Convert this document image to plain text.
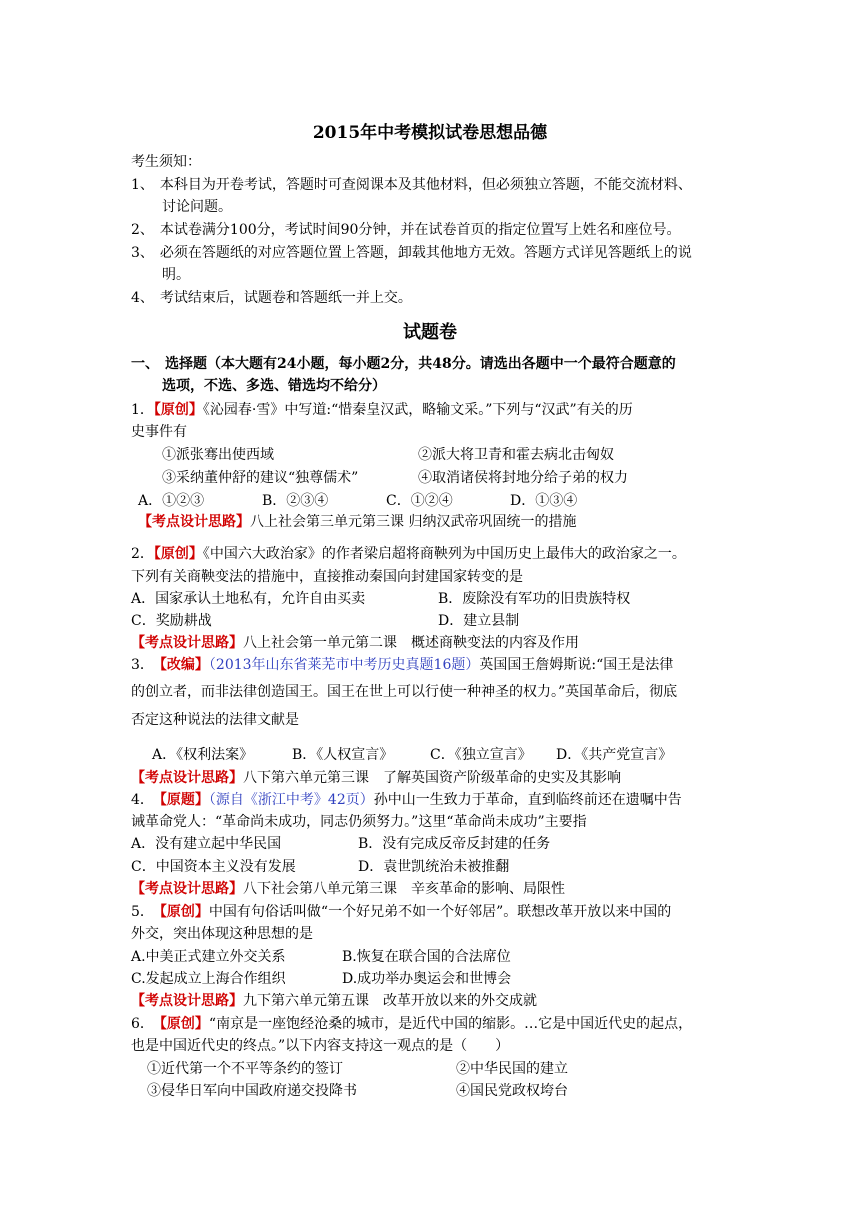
2015年中考模拟试卷思想品德
考生须知：
1、 本科目为开卷考试，答题时可查阅课本及其他材料，但必须独立答题，不能交流材料、
讨论问题。
2、 本试卷满分100分，考试时间90分钟，并在试卷首页的指定位置写上姓名和座位号。
3、 必须在答题纸的对应答题位置上答题，卸载其他地方无效。答题方式详见答题纸上的说
明。
4、 考试结束后，试题卷和答题纸一并上交。
试题卷
一、 选择题（本大题有24小题，每小题2分，共48分。请选出各题中一个最符合题意的
选项，不选、多选、错选均不给分）
1．【原创】《沁园春·雪》中写道:“惜秦皇汉武，略输文采。”下列与“汉武”有关的历
史事件有
①派张骞出使西域	②派大将卫青和霍去病北击匈奴
③采纳董仲舒的建议“独尊儒术”	④取消诸侯将封地分给子弟的权力
A．①②③	B．②③④	C．①②④	D．①③④
【考点设计思路】八上社会第三单元第三课 归纳汉武帝巩固统一的措施
2．【原创】《中国六大政治家》的作者梁启超将商鞅列为中国历史上最伟大的政治家之一。
下列有关商鞅变法的措施中，直接推动秦国向封建国家转变的是
A．国家承认土地私有，允许自由买卖	B．废除没有军功的旧贵族特权
C．奖励耕战	D．建立县制
【考点设计思路】八上社会第一单元第二课　概述商鞅变法的内容及作用
3． 【改编】（2013年山东省莱芜市中考历史真题16题）英国国王詹姆斯说:“国王是法律
的创立者，而非法律创造国王。国王在世上可以行使一种神圣的权力。”英国革命后，彻底
否定这种说法的法律文献是
A．《权利法案》	B．《人权宣言》	C．《独立宣言》 D．《共产党宣言》
【考点设计思路】八下第六单元第三课　了解英国资产阶级革命的史实及其影响
4． 【原题】（源自《浙江中考》42页）孙中山一生致力于革命，直到临终前还在遗嘱中告
诫革命党人：“革命尚未成功，同志仍须努力。”这里“革命尚未成功”主要指
A．没有建立起中华民国	B．没有完成反帝反封建的任务
C．中国资本主义没有发展	D．袁世凯统治未被推翻
【考点设计思路】八下社会第八单元第三课　辛亥革命的影响、局限性
5． 【原创】中国有句俗话叫做“一个好兄弟不如一个好邻居”。联想改革开放以来中国的
外交，突出体现这种思想的是
A.中美正式建立外交关系	B.恢复在联合国的合法席位
C.发起成立上海合作组织	D.成功举办奥运会和世博会
【考点设计思路】九下第六单元第五课　改革开放以来的外交成就
6． 【原创】“南京是一座饱经沧桑的城市，是近代中国的缩影。…它是中国近代史的起点，
也是中国近代史的终点。”以下内容支持这一观点的是（　　）
①近代第一个不平等条约的签订	②中华民国的建立
③侵华日军向中国政府递交投降书	④国民党政权垮台
